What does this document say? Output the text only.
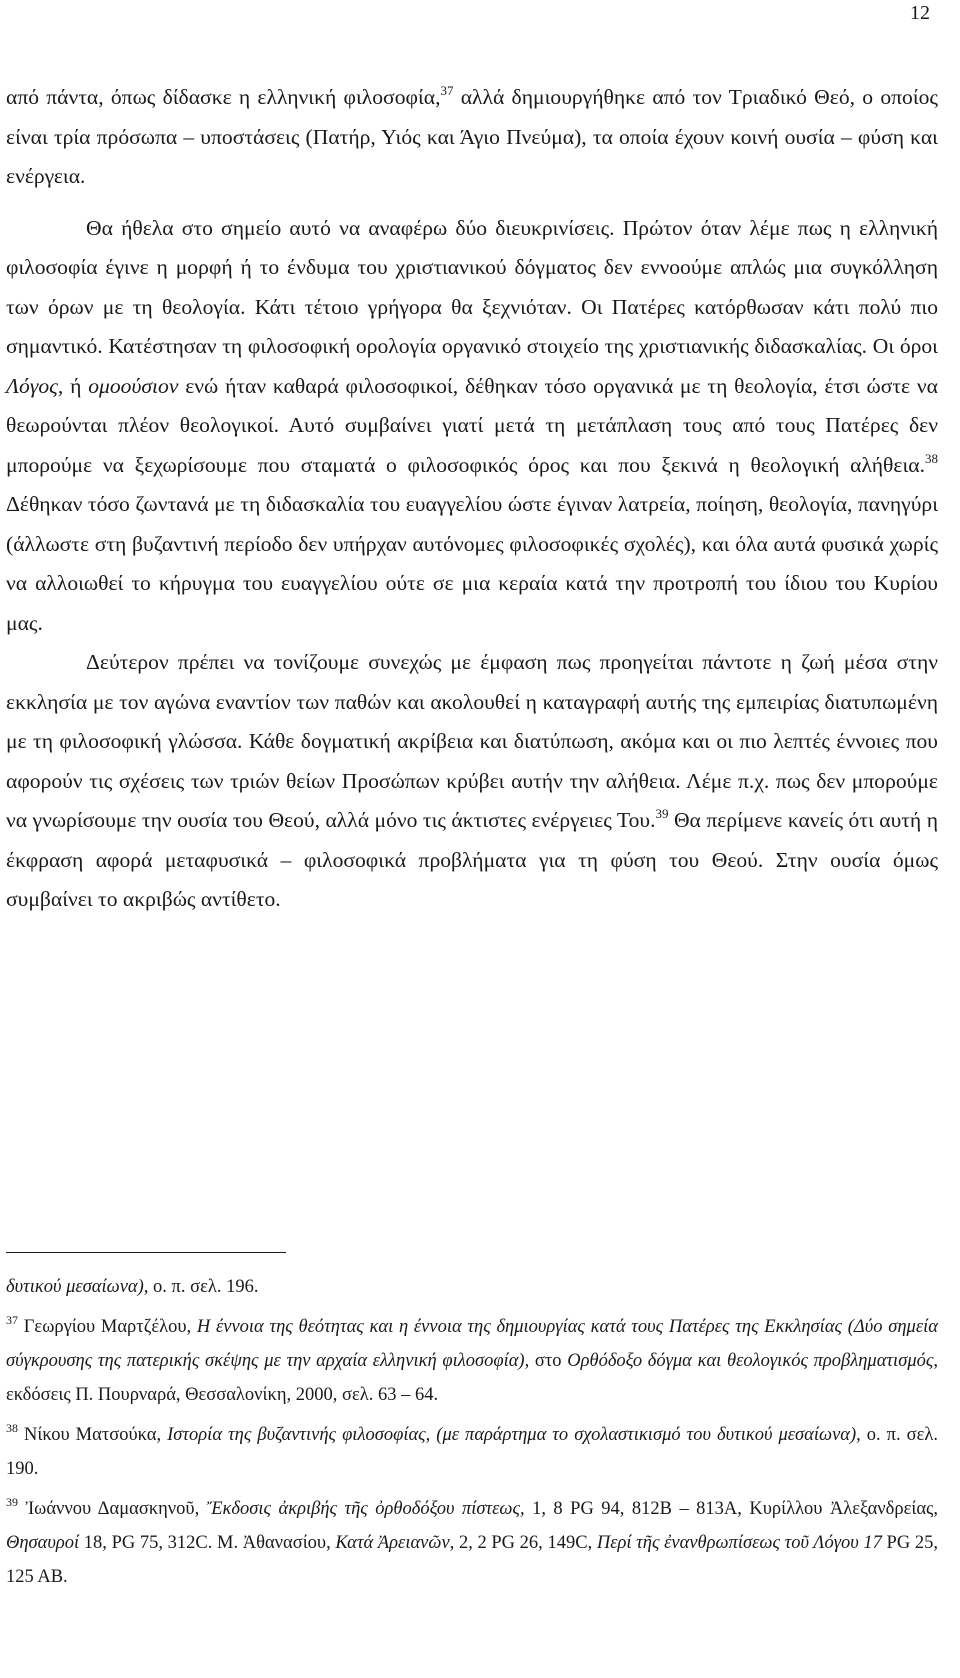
12

από πάντα, όπως δίδασκε η ελληνική φιλοσοφία,$^{37}$ αλλά δημιουργήθηκε από τον Τριαδικό Θεό, ο οποίος είναι τρία πρόσωπα – υποστάσεις (Πατήρ, Υιός και Άγιο Πνεύμα), τα οποία έχουν κοινή ουσία – φύση και ενέργεια.

Θα ήθελα στο σημείο αυτό να αναφέρω δύο διευκρινίσεις. Πρώτον όταν λέμε πως η ελληνική φιλοσοφία έγινε η μορφή ή το ένδυμα του χριστιανικού δόγματος δεν εννοούμε απλώς μια συγκόλληση των όρων με τη θεολογία. Κάτι τέτοιο γρήγορα θα ξεχνιόταν. Οι Πατέρες κατόρθωσαν κάτι πολύ πιο σημαντικό. Κατέστησαν τη φιλοσοφική ορολογία οργανικό στοιχείο της χριστιανικής διδασκαλίας. Οι όροι Λόγος, ή ομοούσιον ενώ ήταν καθαρά φιλοσοφικοί, δέθηκαν τόσο οργανικά με τη θεολογία, έτσι ώστε να θεωρούνται πλέον θεολογικοί. Αυτό συμβαίνει γιατί μετά τη μετάπλαση τους από τους Πατέρες δεν μπορούμε να ξεχωρίσουμε που σταματά ο φιλοσοφικός όρος και που ξεκινά η θεολογική αλήθεια.$^{38}$ Δέθηκαν τόσο ζωντανά με τη διδασκαλία του ευαγγελίου ώστε έγιναν λατρεία, ποίηση, θεολογία, πανηγύρι (άλλωστε στη βυζαντινή περίοδο δεν υπήρχαν αυτόνομες φιλοσοφικές σχολές), και όλα αυτά φυσικά χωρίς να αλλοιωθεί το κήρυγμα του ευαγγελίου ούτε σε μια κεραία κατά την προτροπή του ίδιου του Κυρίου μας.

Δεύτερον πρέπει να τονίζουμε συνεχώς με έμφαση πως προηγείται πάντοτε η ζωή μέσα στην εκκλησία με τον αγώνα εναντίον των παθών και ακολουθεί η καταγραφή αυτής της εμπειρίας διατυπωμένη με τη φιλοσοφική γλώσσα. Κάθε δογματική ακρίβεια και διατύπωση, ακόμα και οι πιο λεπτές έννοιες που αφορούν τις σχέσεις των τριών θείων Προσώπων κρύβει αυτήν την αλήθεια. Λέμε π.χ. πως δεν μπορούμε να γνωρίσουμε την ουσία του Θεού, αλλά μόνο τις άκτιστες ενέργειες Του.$^{39}$ Θα περίμενε κανείς ότι αυτή η έκφραση αφορά μεταφυσικά – φιλοσοφικά προβλήματα για τη φύση του Θεού. Στην ουσία όμως συμβαίνει το ακριβώς αντίθετο.

δυτικού μεσαίωνα), ο. π. σελ. 196.

$^{37}$ Γεωργίου Μαρτζέλου, Η έννοια της θεότητας και η έννοια της δημιουργίας κατά τους Πατέρες της Εκκλησίας (Δύο σημεία σύγκρουσης της πατερικής σκέψης με την αρχαία ελληνική φιλοσοφία), στο Ορθόδοξο δόγμα και θεολογικός προβληματισμός, εκδόσεις Π. Πουρναρά, Θεσσαλονίκη, 2000, σελ. 63 – 64.

$^{38}$ Νίκου Ματσούκα, Ιστορία της βυζαντινής φιλοσοφίας, (με παράρτημα το σχολαστικισμό του δυτικού μεσαίωνα), ο. π. σελ. 190.

$^{39}$ Ἰωάννου Δαμασκηνοῦ, Ἔκδοσις ἀκριβής τῆς ὀρθοδόξου πίστεως, 1, 8 PG 94, 812B – 813A, Κυρίλλου Ἀλεξανδρείας, Θησαυροί 18, PG 75, 312C. Μ. Ἀθανασίου, Κατά Ἀρειανῶν, 2, 2 PG 26, 149C, Περί τῆς ἐνανθρωπίσεως τοῦ Λόγου 17 PG 25, 125 AB.
